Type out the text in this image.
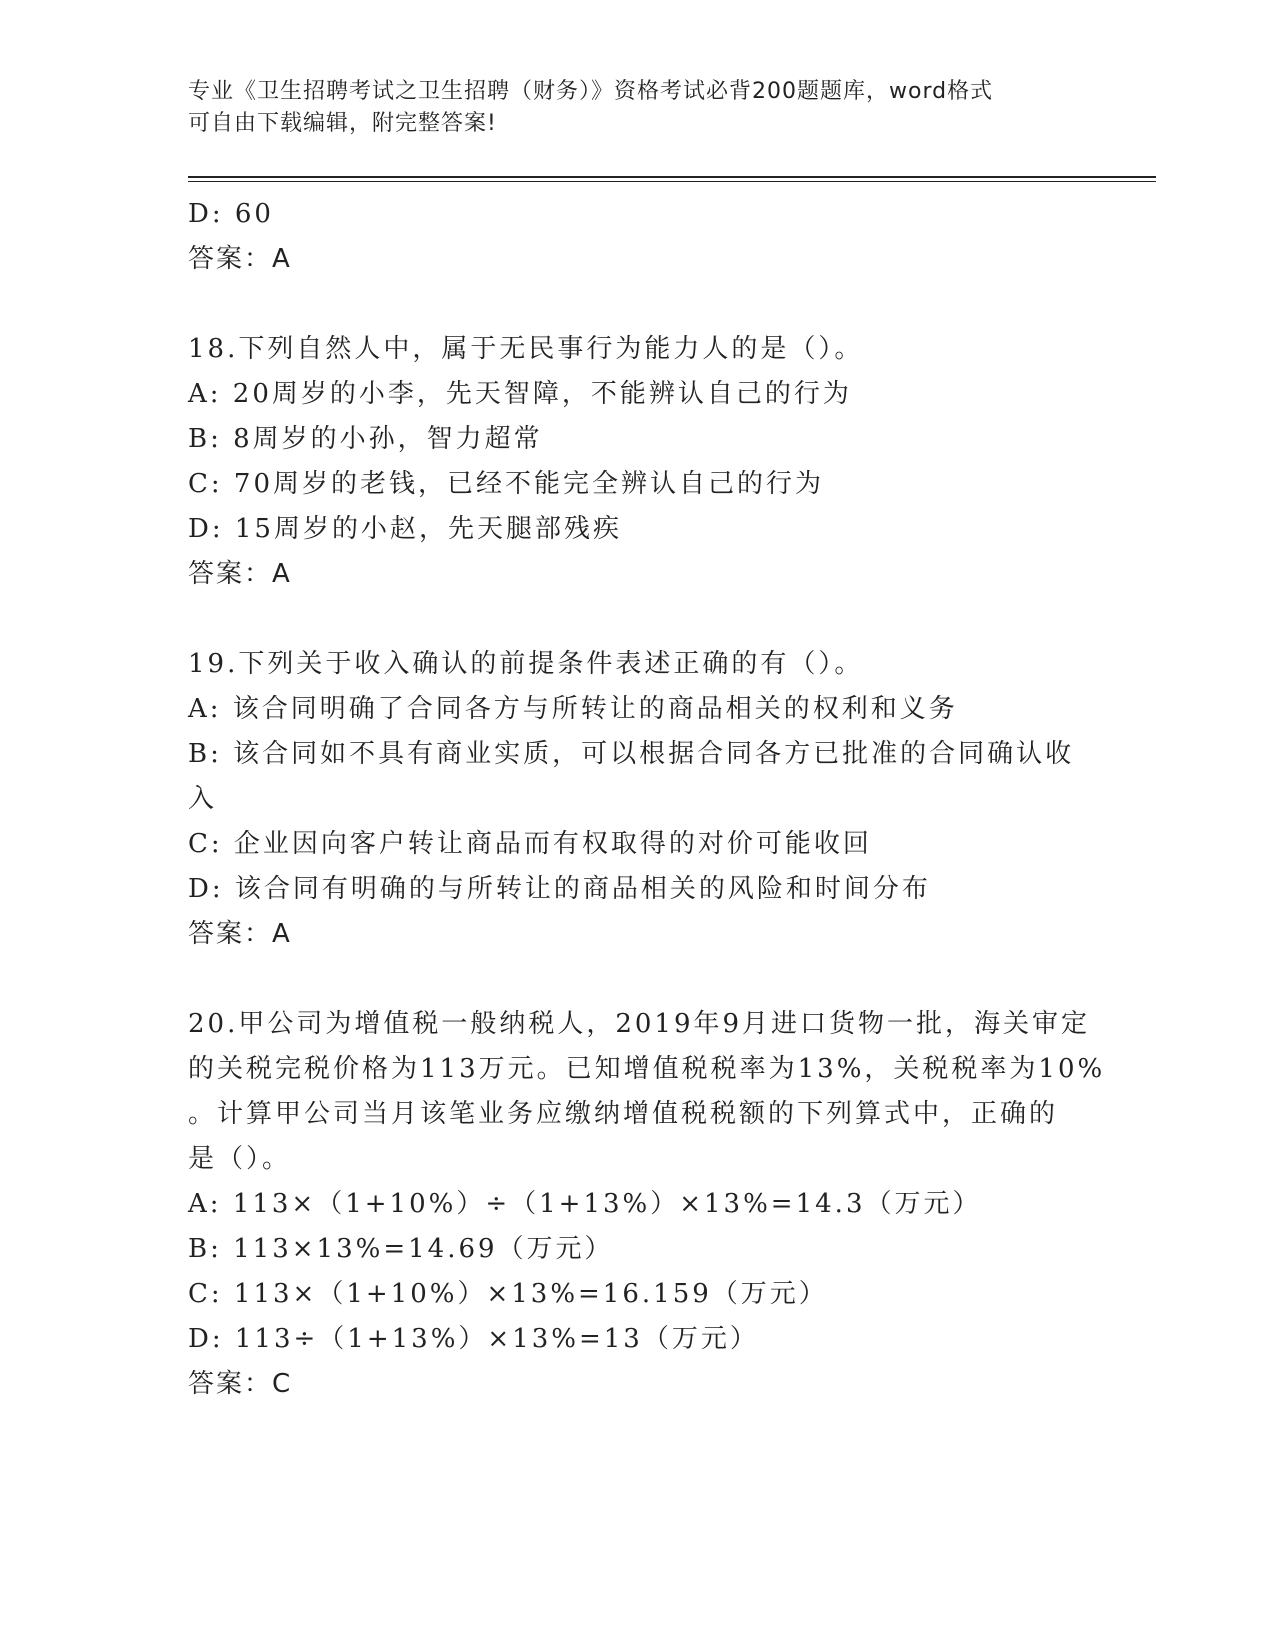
专业《卫生招聘考试之卫生招聘（财务）》资格考试必背200题题库，word格式
可自由下载编辑，附完整答案!
D: 60
答案：A
18.下列自然人中，属于无民事行为能力人的是（）。
A: 20周岁的小李，先天智障，不能辨认自己的行为
B: 8周岁的小孙，智力超常
C: 70周岁的老钱，已经不能完全辨认自己的行为
D: 15周岁的小赵，先天腿部残疾
答案：A
19.下列关于收入确认的前提条件表述正确的有（）。
A: 该合同明确了合同各方与所转让的商品相关的权利和义务
B: 该合同如不具有商业实质，可以根据合同各方已批准的合同确认收
入
C: 企业因向客户转让商品而有权取得的对价可能收回
D: 该合同有明确的与所转让的商品相关的风险和时间分布
答案：A
20.甲公司为增值税一般纳税人，2019年9月进口货物一批，海关审定
的关税完税价格为113万元。已知增值税税率为13%，关税税率为10%
。计算甲公司当月该笔业务应缴纳增值税税额的下列算式中，正确的
是（）。
A: 113×（1+10%）÷（1+13%）×13%=14.3（万元）
B: 113×13%=14.69（万元）
C: 113×（1+10%）×13%=16.159（万元）
D: 113÷（1+13%）×13%=13（万元）
答案：C
